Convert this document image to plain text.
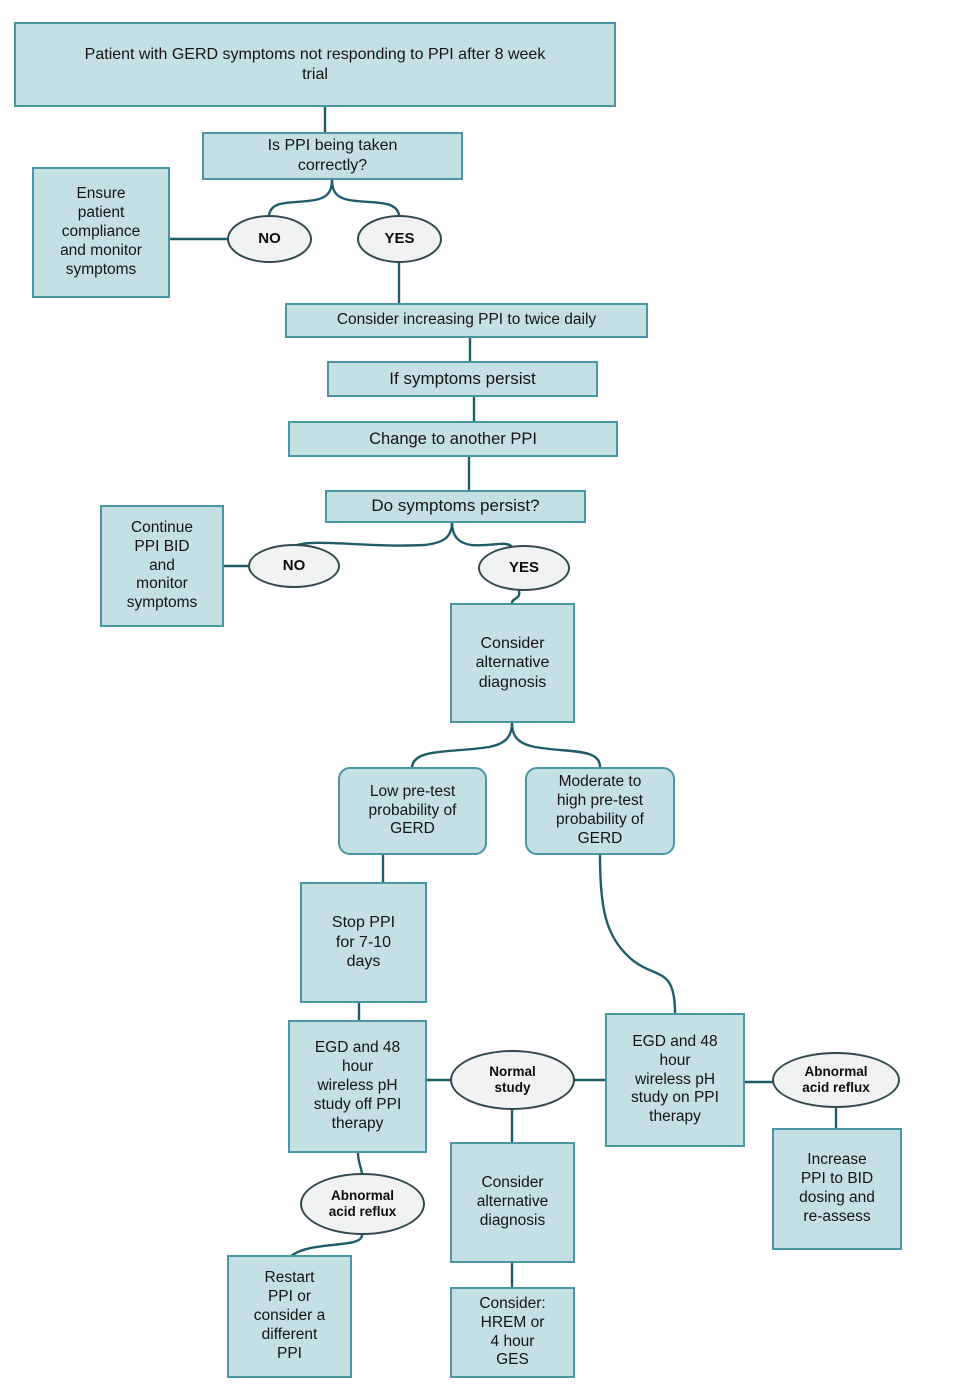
Patient with GERD symptoms not responding to PPI after 8 week trial
Is PPI being taken correctly?
Ensure patient compliance and monitor symptoms
Consider increasing PPI to twice daily
If symptoms persist
Change to another PPI
Do symptoms persist?
Continue PPI BID and monitor symptoms
Consider alternative diagnosis
Low pre-test probability of GERD
Moderate to high pre-test probability of GERD
Stop PPI for 7-10 days
EGD and 48 hour wireless pH study off PPI therapy
EGD and 48 hour wireless pH study on PPI therapy
Increase PPI to BID dosing and re-assess
Restart PPI or consider a different PPI
Consider alternative diagnosis
Consider: HREM or 4 hour GES
NO	YES
NO	YES
Normal study
Abnormal acid reflux
Abnormal acid reflux
